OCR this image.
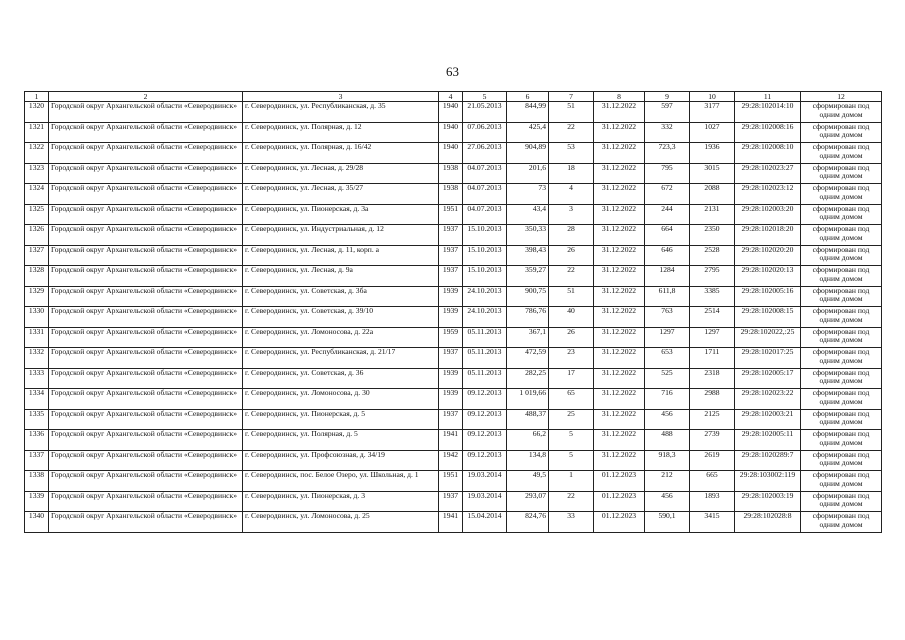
63
1	2	3	4	5	6	7	8	9	10	11	12
1320	Городской округ Архангельской области «Северодвинск»	г. Северодвинск, ул. Республиканская, д. 35	1940	21.05.2013	844,99	51	31.12.2022	597	3177	29:28:102014:10	сформирован под одним домом
1321	Городской округ Архангельской области «Северодвинск»	г. Северодвинск, ул. Полярная, д. 12	1940	07.06.2013	425,4	22	31.12.2022	332	1027	29:28:102008:16	сформирован под одним домом
1322	Городской округ Архангельской области «Северодвинск»	г. Северодвинск, ул. Полярная, д. 16/42	1940	27.06.2013	904,89	53	31.12.2022	723,3	1936	29:28:102008:10	сформирован под одним домом
1323	Городской округ Архангельской области «Северодвинск»	г. Северодвинск, ул. Лесная, д. 29/28	1938	04.07.2013	201,6	18	31.12.2022	795	3015	29:28:102023:27	сформирован под одним домом
1324	Городской округ Архангельской области «Северодвинск»	г. Северодвинск, ул. Лесная, д. 35/27	1938	04.07.2013	73	4	31.12.2022	672	2088	29:28:102023:12	сформирован под одним домом
1325	Городской округ Архангельской области «Северодвинск»	г. Северодвинск, ул. Пионерская, д. 3а	1951	04.07.2013	43,4	3	31.12.2022	244	2131	29:28:102003:20	сформирован под одним домом
1326	Городской округ Архангельской области «Северодвинск»	г. Северодвинск, ул. Индустриальная, д. 12	1937	15.10.2013	350,33	28	31.12.2022	664	2350	29:28:102018:20	сформирован под одним домом
1327	Городской округ Архангельской области «Северодвинск»	г. Северодвинск, ул. Лесная, д. 11, корп. а	1937	15.10.2013	398,43	26	31.12.2022	646	2528	29:28:102020:20	сформирован под одним домом
1328	Городской округ Архангельской области «Северодвинск»	г. Северодвинск, ул. Лесная, д. 9а	1937	15.10.2013	359,27	22	31.12.2022	1284	2795	29:28:102020:13	сформирован под одним домом
1329	Городской округ Архангельской области «Северодвинск»	г. Северодвинск, ул. Советская, д. 3ба	1939	24.10.2013	900,75	51	31.12.2022	611,8	3385	29:28:102005:16	сформирован под одним домом
1330	Городской округ Архангельской области «Северодвинск»	г. Северодвинск, ул. Советская, д. 39/10	1939	24.10.2013	786,76	40	31.12.2022	763	2514	29:28:102008:15	сформирован под одним домом
1331	Городской округ Архангельской области «Северодвинск»	г. Северодвинск, ул. Ломоносова, д. 22а	1959	05.11.2013	367,1	26	31.12.2022	1297	1297	29:28:102022,:25	сформирован под одним домом
1332	Городской округ Архангельской области «Северодвинск»	г. Северодвинск, ул. Республиканская, д. 21/17	1937	05.11.2013	472,59	23	31.12.2022	653	1711	29:28:102017:25	сформирован под одним домом
1333	Городской округ Архангельской области «Северодвинск»	г. Северодвинск, ул. Советская, д. 36	1939	05.11.2013	282,25	17	31.12.2022	525	2318	29:28:102005:17	сформирован под одним домом
1334	Городской округ Архангельской области «Северодвинск»	г. Северодвинск, ул. Ломоносова, д. 30	1939	09.12.2013	1 019,66	65	31.12.2022	716	2988	29:28:102023:22	сформирован под одним домом
1335	Городской округ Архангельской области «Северодвинск»	г. Северодвинск, ул. Пионерская, д. 5	1937	09.12.2013	488,37	25	31.12.2022	456	2125	29:28:102003:21	сформирован под одним домом
1336	Городской округ Архангельской области «Северодвинск»	г. Северодвинск, ул. Полярная, д. 5	1941	09.12.2013	66,2	5	31.12.2022	488	2739	29:28:102005:11	сформирован под одним домом
1337	Городской округ Архангельской области «Северодвинск»	г. Северодвинск, ул. Профсоюзная, д. 34/19	1942	09.12.2013	134,8	5	31.12.2022	918,3	2619	29:28:1020289:7	сформирован под одним домом
1338	Городской округ Архангельской области «Северодвинск»	г. Северодвинск, пос. Белое Озеро, ул. Школьная, д. 1	1951	19.03.2014	49,5	1	01.12.2023	212	665	29:28:103002:119	сформирован под одним домом
1339	Городской округ Архангельской области «Северодвинск»	г. Северодвинск, ул. Пионерская, д. 3	1937	19.03.2014	293,07	22	01.12.2023	456	1893	29:28:102003:19	сформирован под одним домом
1340	Городской округ Архангельской области «Северодвинск»	г. Северодвинск, ул. Ломоносова, д. 25	1941	15.04.2014	824,76	33	01.12.2023	590,1	3415	29:28:102028:8	сформирован под одним домом
